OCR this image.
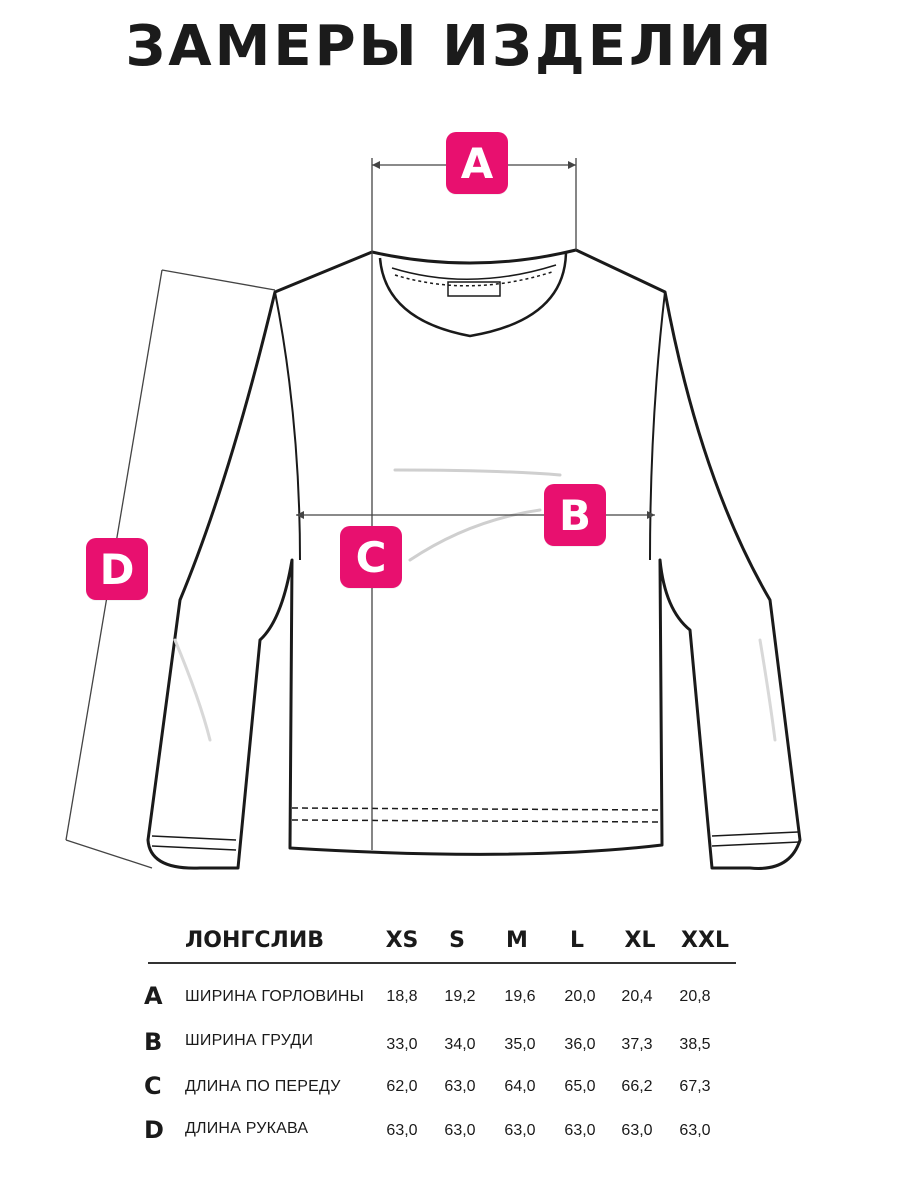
ЗАМЕРЫ ИЗДЕЛИЯ
A
B
C
D
ЛОНГСЛИВ	XS	S	M	L	XL	XXL
A	ШИРИНА ГОРЛОВИНЫ	18,8	19,2	19,6	20,0	20,4	20,8
B	ШИРИНА ГРУДИ	33,0	34,0	35,0	36,0	37,3	38,5
C	ДЛИНА ПО ПЕРЕДУ	62,0	63,0	64,0	65,0	66,2	67,3
D	ДЛИНА РУКАВА	63,0	63,0	63,0	63,0	63,0	63,0
